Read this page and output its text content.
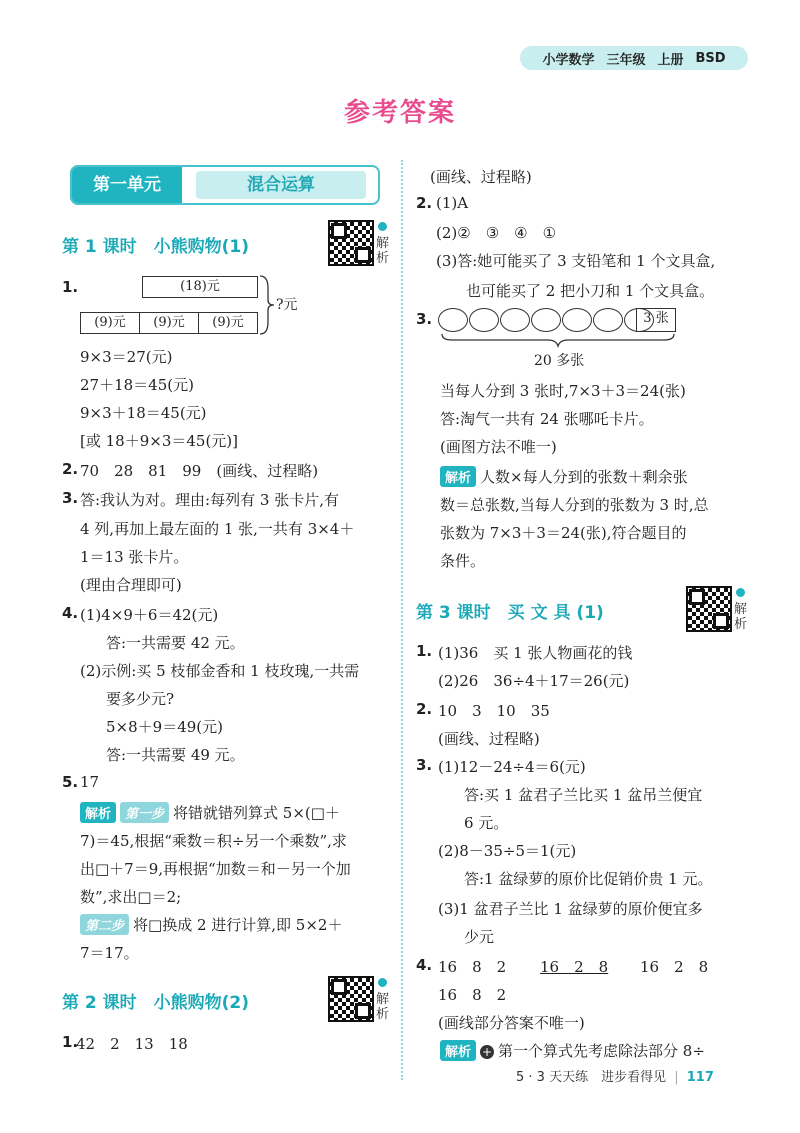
小学数学 三年级 上册 BSD
参考答案
第一单元	混合运算
第 1 课时　小熊购物(1)	解析
1.	(18)元
(9)元	(9)元	(9)元
?元
9×3＝27(元)
27＋18＝45(元)
9×3＋18＝45(元)
[或 18＋9×3＝45(元)]
2. 70　28　81　99　(画线、过程略)
3. 答:我认为对。理由:每列有 3 张卡片,有
4 列,再加上最左面的 1 张,一共有 3×4＋
1＝13 张卡片。
(理由合理即可)
4. (1)4×9＋6＝42(元)
答:一共需要 42 元。
(2)示例:买 5 枝郁金香和 1 枝玫瑰,一共需
要多少元?
5×8＋9＝49(元)
答:一共需要 49 元。
5. 17
解析 第一步 将错就错列算式 5×(□＋
7)＝45,根据“乘数＝积÷另一个乘数”,求
出□＋7＝9,再根据“加数＝和－另一个加
数”,求出□＝2;
第二步 将□换成 2 进行计算,即 5×2＋
7＝17。
第 2 课时　小熊购物(2)	解析
1.
42　2　13　18
(画线、过程略)
2. (1)A
(2)②　③　④　①
(3)答:她可能买了 3 支铅笔和 1 个文具盒,
也可能买了 2 把小刀和 1 个文具盒。
3.	3 张
20 多张
当每人分到 3 张时,7×3＋3＝24(张)
答:淘气一共有 24 张哪吒卡片。
(画图方法不唯一)
解析 人数×每人分到的张数＋剩余张
数＝总张数,当每人分到的张数为 3 时,总
张数为 7×3＋3＝24(张),符合题目的
条件。
第 3 课时　买 文 具 (1)	解析
1. (1)36　买 1 张人物画花的钱
(2)26　36÷4＋17＝26(元)
2. 10　3　10　35
(画线、过程略)
3. (1)12－24÷4＝6(元)
答:买 1 盆君子兰比买 1 盆吊兰便宜
6 元。
(2)8－35÷5＝1(元)
答:1 盆绿萝的原价比促销价贵 1 元。
(3)1 盆君子兰比 1 盆绿萝的原价便宜多
少元
4. 16　8　2 16　2　8 16　2　8
16　8　2
(画线部分答案不唯一)
解析 + 第一个算式先考虑除法部分 8÷
5 · 3 天天练　进步看得见 | 117
